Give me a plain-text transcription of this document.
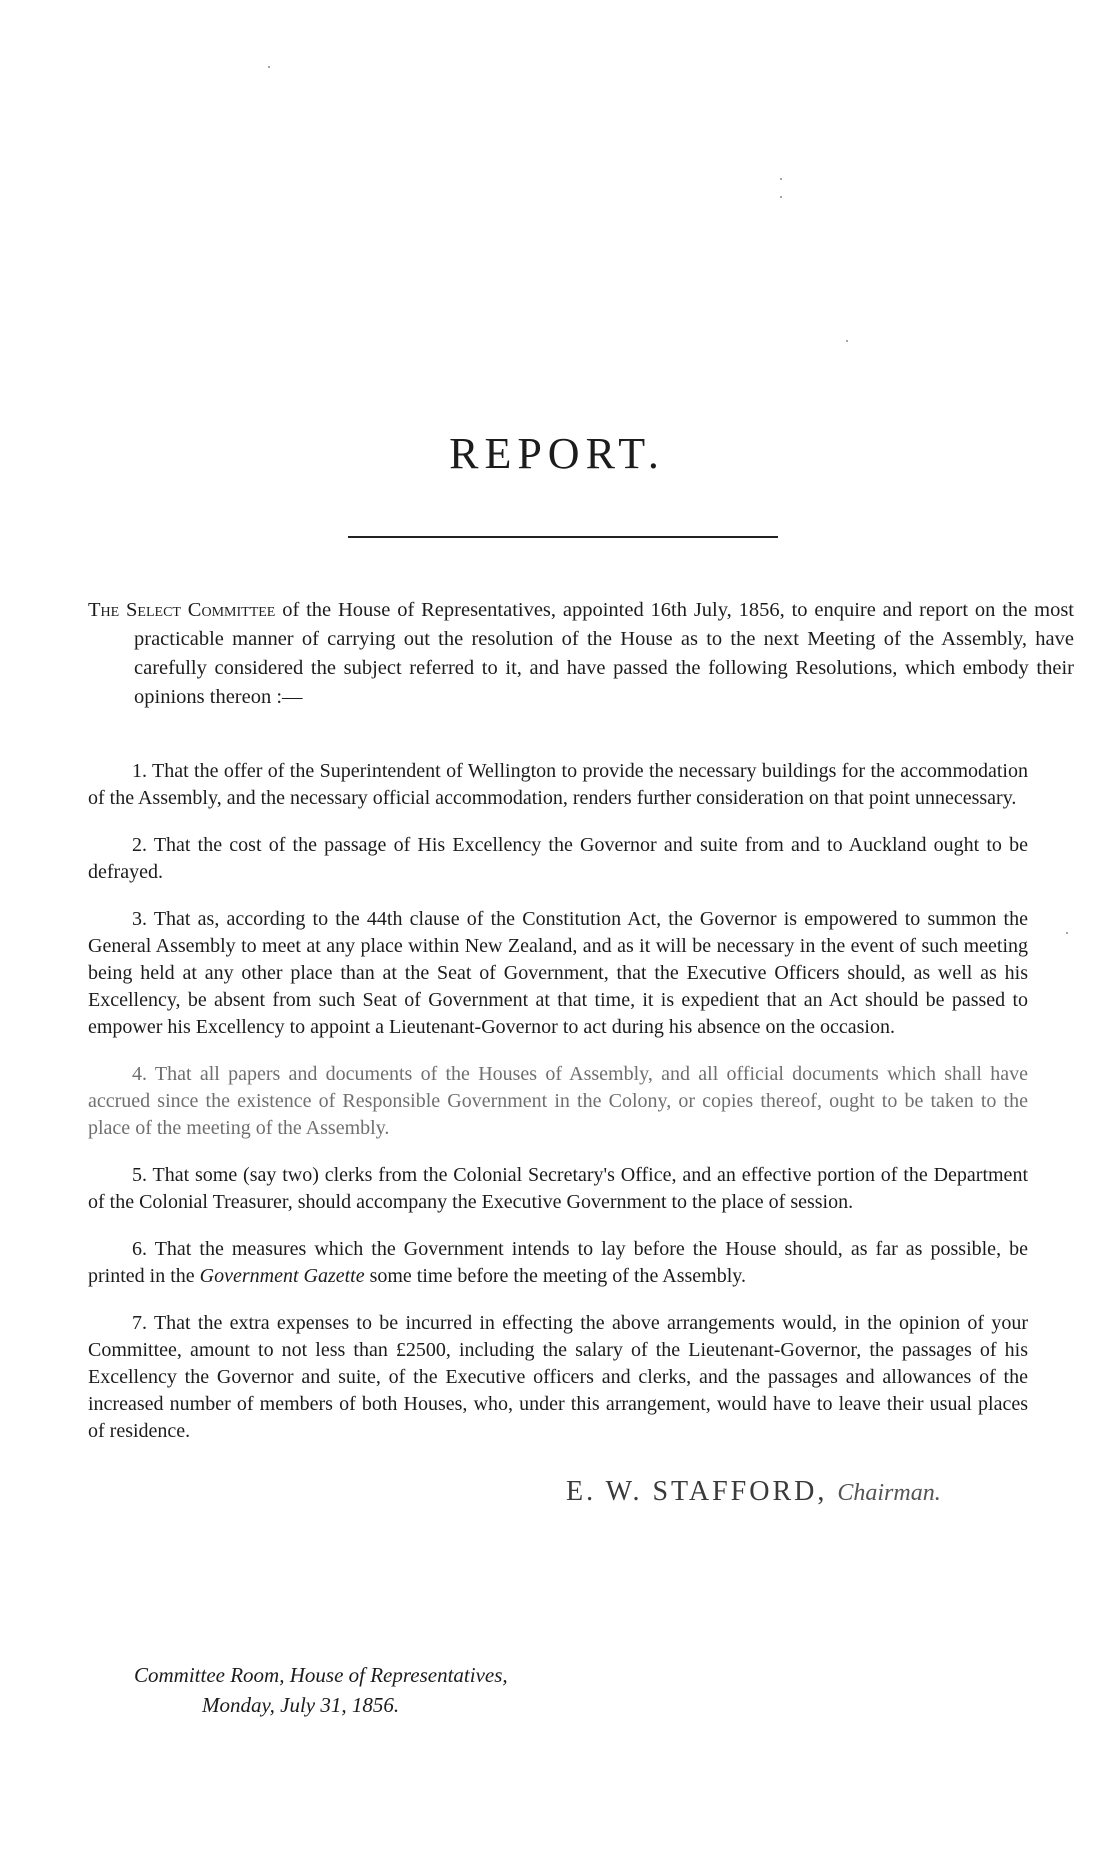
REPORT.

The Select Committee of the House of Representatives, appointed 16th July, 1856, to enquire and report on the most practicable manner of carrying out the resolution of the House as to the next Meeting of the Assembly, have carefully considered the subject referred to it, and have passed the following Resolutions, which embody their opinions thereon :—

1. That the offer of the Superintendent of Wellington to provide the necessary buildings for the accommodation of the Assembly, and the necessary official accommodation, renders further consideration on that point unnecessary.
2. That the cost of the passage of His Excellency the Governor and suite from and to Auckland ought to be defrayed.
3. That as, according to the 44th clause of the Constitution Act, the Governor is empowered to summon the General Assembly to meet at any place within New Zealand, and as it will be necessary in the event of such meeting being held at any other place than at the Seat of Government, that the Executive Officers should, as well as his Excellency, be absent from such Seat of Government at that time, it is expedient that an Act should be passed to empower his Excellency to appoint a Lieutenant-Governor to act during his absence on the occasion.
4. That all papers and documents of the Houses of Assembly, and all official documents which shall have accrued since the existence of Responsible Government in the Colony, or copies thereof, ought to be taken to the place of the meeting of the Assembly.
5. That some (say two) clerks from the Colonial Secretary's Office, and an effective portion of the Department of the Colonial Treasurer, should accompany the Executive Government to the place of session.
6. That the measures which the Government intends to lay before the House should, as far as possible, be printed in the Government Gazette some time before the meeting of the Assembly.
7. That the extra expenses to be incurred in effecting the above arrangements would, in the opinion of your Committee, amount to not less than £2500, including the salary of the Lieutenant-Governor, the passages of his Excellency the Governor and suite, of the Executive officers and clerks, and the passages and allowances of the increased number of members of both Houses, who, under this arrangement, would have to leave their usual places of residence.
E. W. STAFFORD, Chairman.
Committee Room, House of Representatives,
Monday, July 31, 1856.
